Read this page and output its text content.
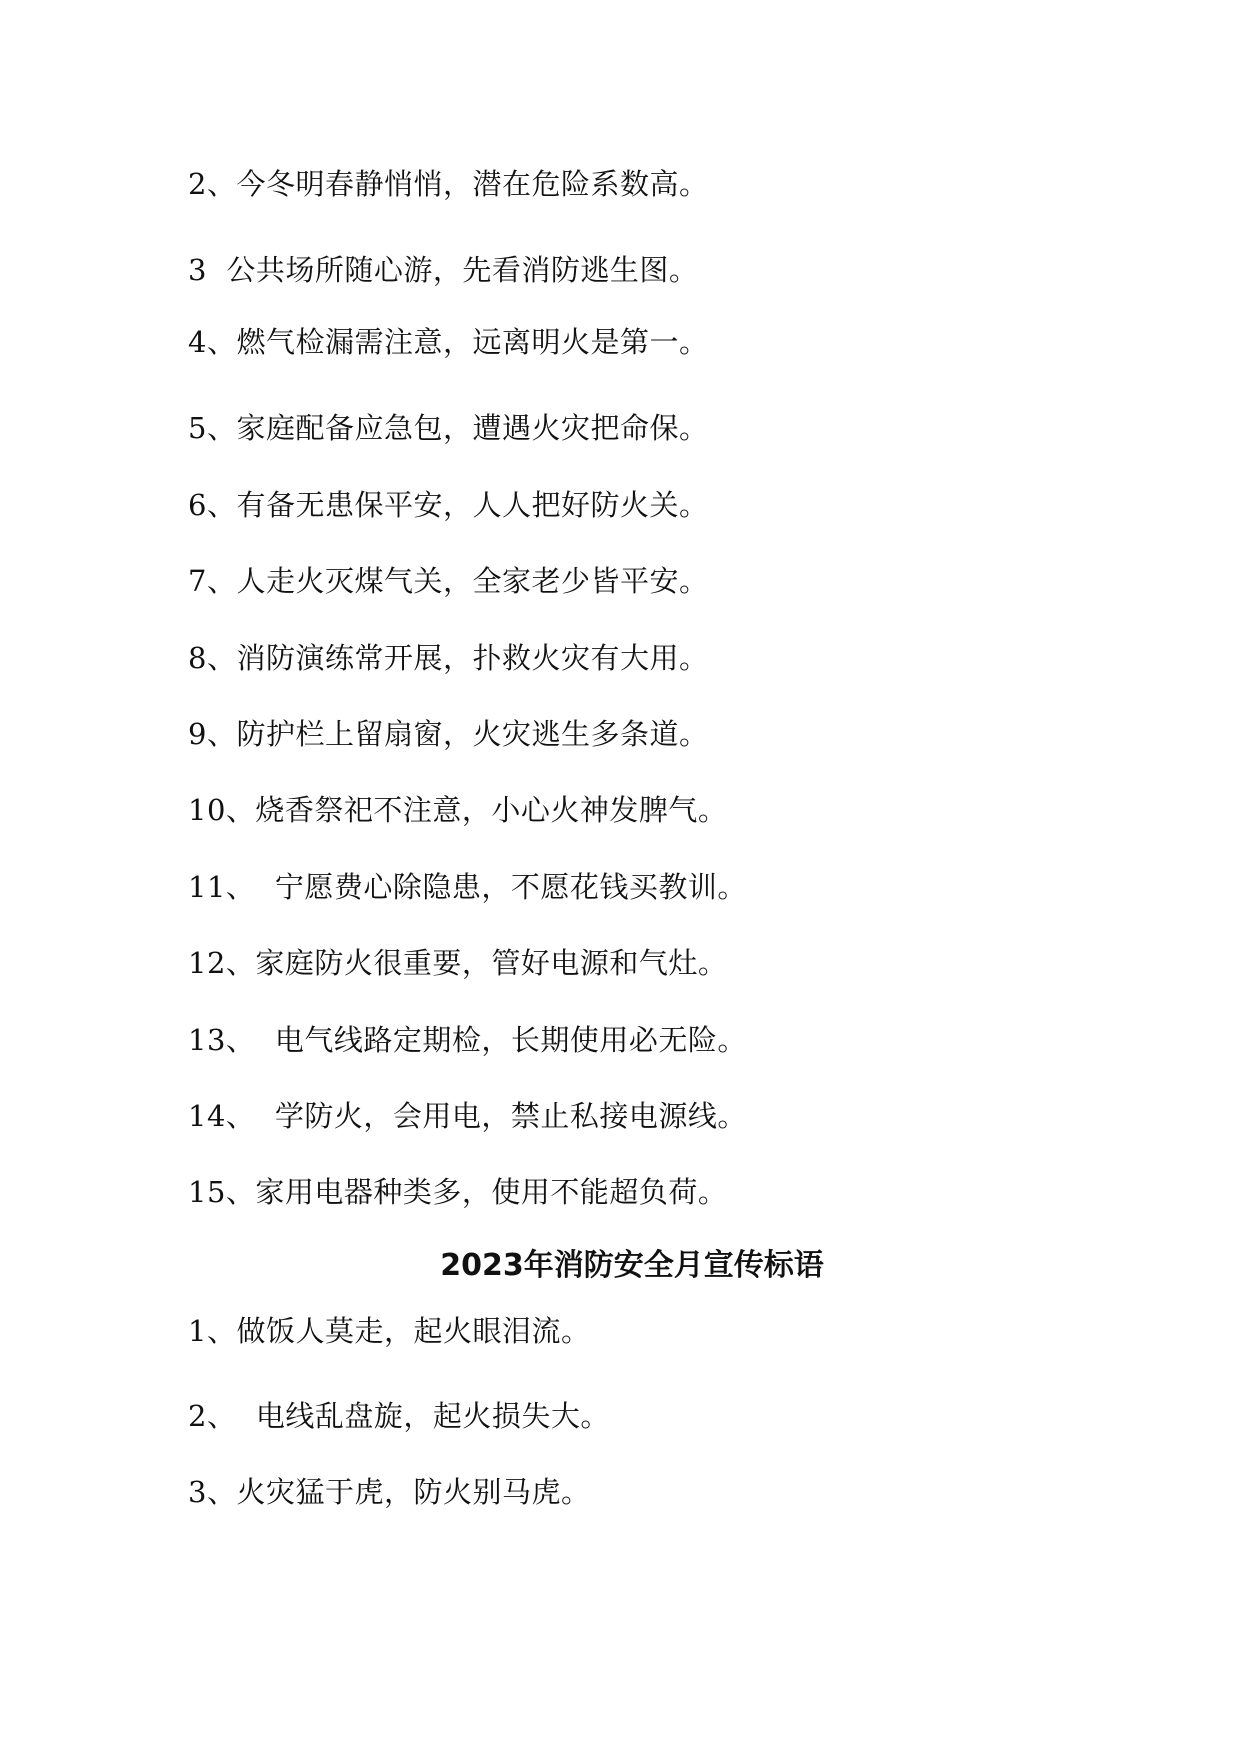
2、今冬明春静悄悄，潜在危险系数高。
3  公共场所随心游，先看消防逃生图。
4、燃气检漏需注意，远离明火是第一。
5、家庭配备应急包，遭遇火灾把命保。
6、有备无患保平安，人人把好防火关。
7、人走火灭煤气关，全家老少皆平安。
8、消防演练常开展，扑救火灾有大用。
9、防护栏上留扇窗，火灾逃生多条道。
10、烧香祭祀不注意，小心火神发脾气。
11、  宁愿费心除隐患，不愿花钱买教训。
12、家庭防火很重要，管好电源和气灶。
13、  电气线路定期检，长期使用必无险。
14、  学防火，会用电，禁止私接电源线。
15、家用电器种类多，使用不能超负荷。
2023年消防安全月宣传标语
1、做饭人莫走，起火眼泪流。
2、  电线乱盘旋，起火损失大。
3、火灾猛于虎，防火别马虎。
